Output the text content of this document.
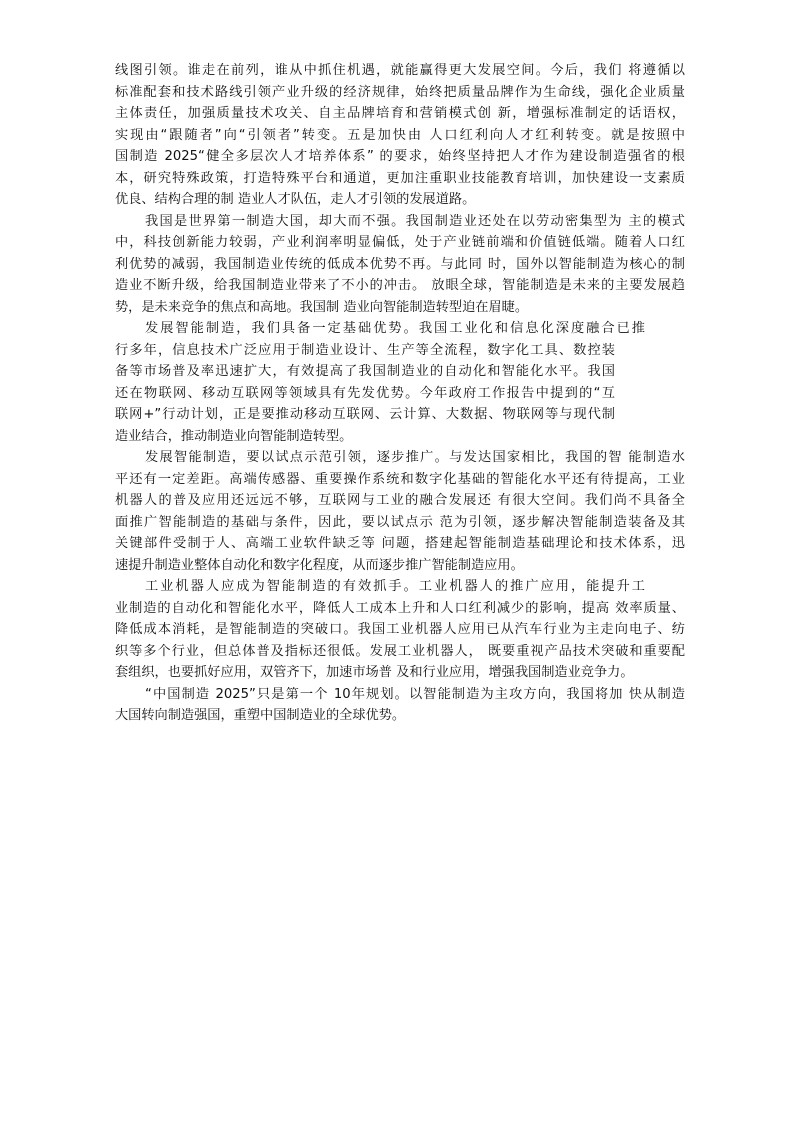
线图引领。谁走在前列，谁从中抓住机遇，就能赢得更大发展空间。今后，我们 将遵循以
标准配套和技术路线引领产业升级的经济规律，始终把质量品牌作为生命线，强化企业质量
主体责任，加强质量技术攻关、自主品牌培育和营销模式创 新，增强标准制定的话语权，
实现由“跟随者”向“引领者”转变。五是加快由 人口红利向人才红利转变。就是按照中
国制造 2025“健全多层次人才培养体系” 的要求，始终坚持把人才作为建设制造强省的根
本，研究特殊政策，打造特殊平台和通道，更加注重职业技能教育培训，加快建设一支素质
优良、结构合理的制 造业人才队伍，走人才引领的发展道路。
我国是世界第一制造大国，却大而不强。我国制造业还处在以劳动密集型为 主的模式
中，科技创新能力较弱，产业利润率明显偏低，处于产业链前端和价值链低端。随着人口红
利优势的减弱，我国制造业传统的低成本优势不再。与此同 时，国外以智能制造为核心的制
造业不断升级，给我国制造业带来了不小的冲击。 放眼全球，智能制造是未来的主要发展趋
势，是未来竞争的焦点和高地。我国制 造业向智能制造转型迫在眉睫。
发展智能制造，我们具备一定基础优势。我国工业化和信息化深度融合已推
行多年，信息技术广泛应用于制造业设计、生产等全流程，数字化工具、数控装
备等市场普及率迅速扩大，有效提高了我国制造业的自动化和智能化水平。我国
还在物联网、移动互联网等领域具有先发优势。今年政府工作报告中提到的“互
联网+”行动计划，正是要推动移动互联网、云计算、大数据、物联网等与现代制
造业结合，推动制造业向智能制造转型。
发展智能制造，要以试点示范引领，逐步推广。与发达国家相比，我国的智 能制造水
平还有一定差距。高端传感器、重要操作系统和数字化基础的智能化水平还有待提高，工业
机器人的普及应用还远远不够，互联网与工业的融合发展还 有很大空间。我们尚不具备全
面推广智能制造的基础与条件，因此，要以试点示 范为引领，逐步解决智能制造装备及其
关键部件受制于人、高端工业软件缺乏等 问题，搭建起智能制造基础理论和技术体系，迅
速提升制造业整体自动化和数字化程度，从而逐步推广智能制造应用。
工业机器人应成为智能制造的有效抓手。工业机器人的推广应用，能提升工
业制造的自动化和智能化水平，降低人工成本上升和人口红利减少的影响，提高 效率质量、
降低成本消耗，是智能制造的突破口。我国工业机器人应用已从汽车行业为主走向电子、纺
织等多个行业，但总体普及指标还很低。发展工业机器人， 既要重视产品技术突破和重要配
套组织，也要抓好应用，双管齐下，加速市场普 及和行业应用，增强我国制造业竞争力。
“中国制造 2025”只是第一个 10年规划。以智能制造为主攻方向，我国将加 快从制造
大国转向制造强国，重塑中国制造业的全球优势。
